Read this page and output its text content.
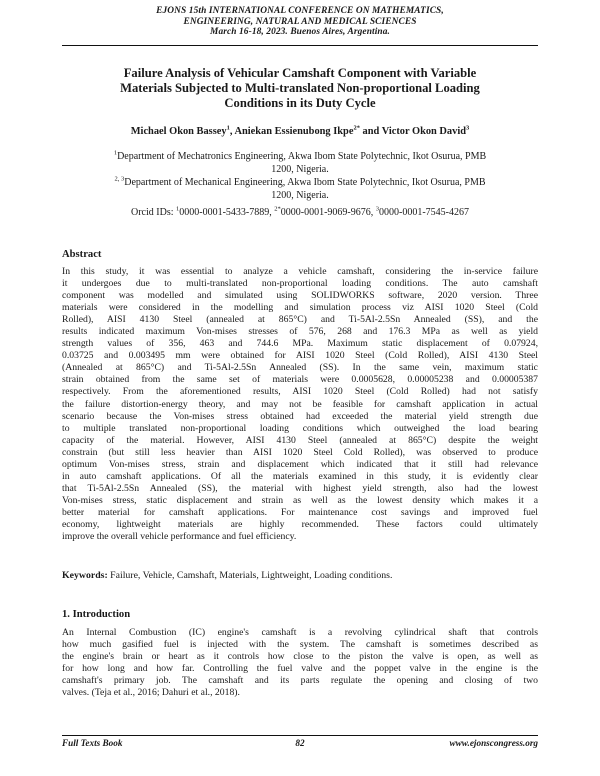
EJONS 15th INTERNATIONAL CONFERENCE ON MATHEMATICS,
ENGINEERING, NATURAL AND MEDICAL SCIENCES
March 16-18, 2023. Buenos Aires, Argentina.
Failure Analysis of Vehicular Camshaft Component with Variable
Materials Subjected to Multi-translated Non-proportional Loading
Conditions in its Duty Cycle
Michael Okon Bassey$^1$, Aniekan Essienubong Ikpe$^{2*}$ and Victor Okon David$^3$
$^1$Department of Mechatronics Engineering, Akwa Ibom State Polytechnic, Ikot Osurua, PMB
1200, Nigeria.
$^{2, 3}$Department of Mechanical Engineering, Akwa Ibom State Polytechnic, Ikot Osurua, PMB
1200, Nigeria.
Orcid IDs: $^1$0000-0001-5433-7889, $^{2*}$0000-0001-9069-9676, $^3$0000-0001-7545-4267
Abstract
In this study, it was essential to analyze a vehicle camshaft, considering the in-service failure
it undergoes due to multi-translated non-proportional loading conditions. The auto camshaft
component was modelled and simulated using SOLIDWORKS software, 2020 version. Three
materials were considered in the modelling and simulation process viz AISI 1020 Steel (Cold
Rolled), AISI 4130 Steel (annealed at 865°C) and Ti-5Al-2.5Sn Annealed (SS), and the
results indicated maximum Von-mises stresses of 576, 268 and 176.3 MPa as well as yield
strength values of 356, 463 and 744.6 MPa. Maximum static displacement of 0.07924,
0.03725 and 0.003495 mm were obtained for AISI 1020 Steel (Cold Rolled), AISI 4130 Steel
(Annealed at 865°C) and Ti-5Al-2.5Sn Annealed (SS). In the same vein, maximum static
strain obtained from the same set of materials were 0.0005628, 0.00005238 and 0.00005387
respectively. From the aforementioned results, AISI 1020 Steel (Cold Rolled) had not satisfy
the failure distortion-energy theory, and may not be feasible for camshaft application in actual
scenario because the Von-mises stress obtained had exceeded the material yield strength due
to multiple translated non-proportional loading conditions which outweighed the load bearing
capacity of the material. However, AISI 4130 Steel (annealed at 865°C) despite the weight
constrain (but still less heavier than AISI 1020 Steel Cold Rolled), was observed to produce
optimum Von-mises stress, strain and displacement which indicated that it still had relevance
in auto camshaft applications. Of all the materials examined in this study, it is evidently clear
that Ti-5Al-2.5Sn Annealed (SS), the material with highest yield strength, also had the lowest
Von-mises stress, static displacement and strain as well as the lowest density which makes it a
better material for camshaft applications. For maintenance cost savings and improved fuel
economy, lightweight materials are highly recommended. These factors could ultimately
improve the overall vehicle performance and fuel efficiency.
Keywords: Failure, Vehicle, Camshaft, Materials, Lightweight, Loading conditions.
1. Introduction
An Internal Combustion (IC) engine's camshaft is a revolving cylindrical shaft that controls
how much gasified fuel is injected with the system. The camshaft is sometimes described as
the engine's brain or heart as it controls how close to the piston the valve is open, as well as
for how long and how far. Controlling the fuel valve and the poppet valve in the engine is the
camshaft's primary job. The camshaft and its parts regulate the opening and closing of two
valves. (Teja et al., 2016; Dahuri et al., 2018).
Full Texts Book	82	www.ejonscongress.org
